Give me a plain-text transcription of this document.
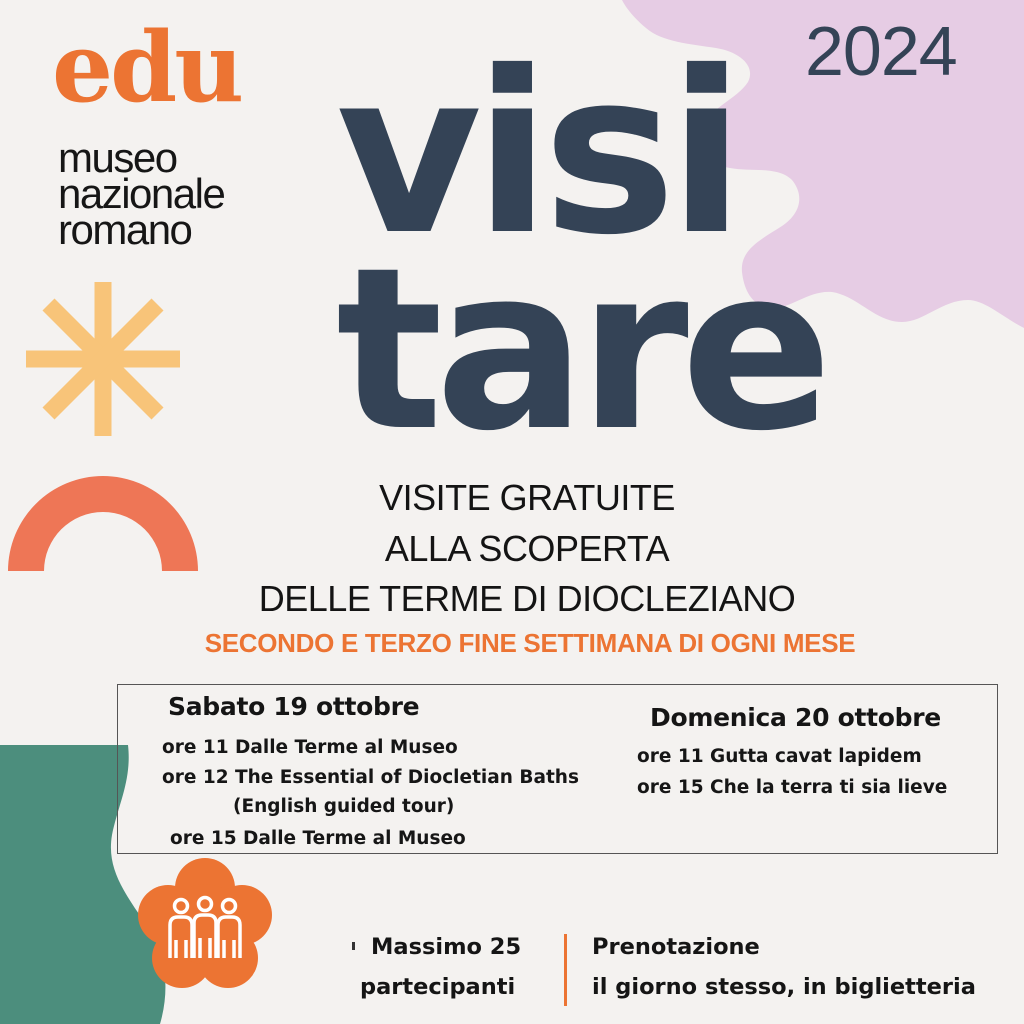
edu
museo
nazionale
romano
2024
visi
tare
VISITE GRATUITE
ALLA SCOPERTA
DELLE TERME DI DIOCLEZIANO
SECONDO E TERZO FINE SETTIMANA DI OGNI MESE
Sabato 19 ottobre
ore 11 Dalle Terme al Museo
ore 12 The Essential of Diocletian Baths
(English guided tour)
ore 15 Dalle Terme al Museo
Domenica 20 ottobre
ore 11 Gutta cavat lapidem
ore 15 Che la terra ti sia lieve
Massimo 25
partecipanti
Prenotazione
il giorno stesso, in biglietteria
